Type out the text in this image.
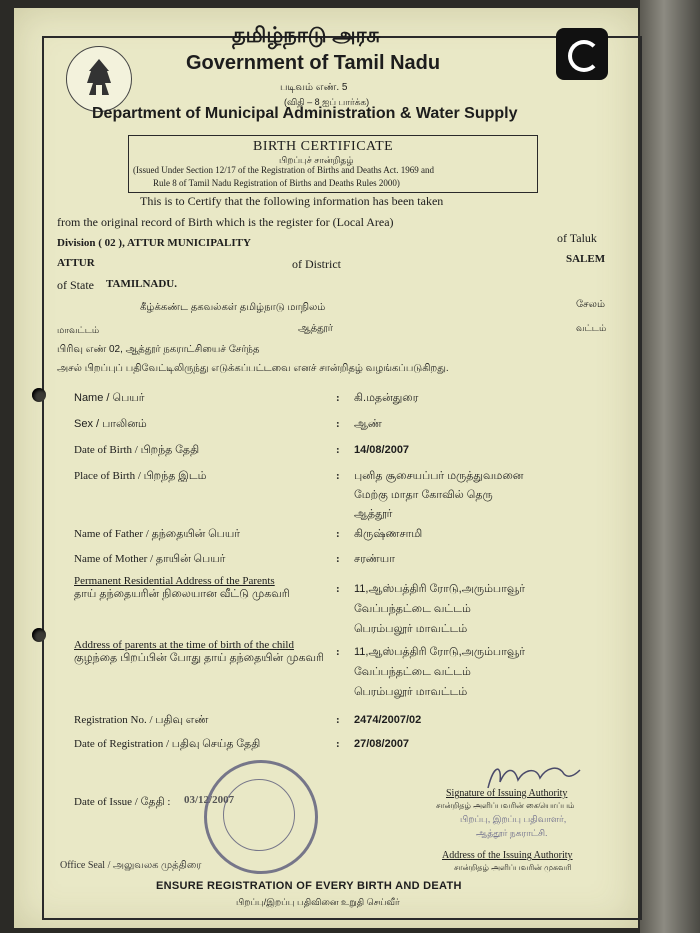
தமிழ்நாடு அரசு
Government of Tamil Nadu
படிவம் எண். 5
(விதி – 8 ஐப் பார்க்க)
Department of Municipal Administration & Water Supply
BIRTH CERTIFICATE
பிறப்புச் சான்றிதழ்
(Issued Under Section 12/17 of the Registration of Births and Deaths Act. 1969 and
Rule 8 of Tamil Nadu Registration of Births and Deaths Rules 2000)
This is to Certify that the following information has been taken
from the original record of Birth which is the register for (Local Area)
Division ( 02 ), ATTUR MUNICIPALITY	of Taluk
ATTUR	of District	SALEM
of State TAMILNADU.
கீழ்க்கண்ட தகவல்கள் தமிழ்நாடு மாநிலம்	சேலம்
மாவட்டம்	ஆத்தூர்	வட்டம்
பிரிவு எண் 02, ஆத்தூர் நகராட்சியைச் சேர்ந்த
அசல் பிறப்புப் பதிவேட்டிலிருந்து எடுக்கப்பட்டவை எனச் சான்றிதழ் வழங்கப்படுகிறது.
Name / பெயர்	: கி.மதன்துரை
Sex / பாலினம்	: ஆண்
Date of Birth / பிறந்த தேதி	: 14/08/2007
Place of Birth / பிறந்த இடம்	: புனித சூசையப்பர் மருத்துவமனை
மேற்கு மாதா கோவில் தெரு
ஆத்தூர்
Name of Father / தந்தையின் பெயர்	: கிருஷ்ணசாமி
Name of Mother / தாயின் பெயர்	: சரண்யா
Permanent Residential Address of the Parents
தாய் தந்தையரின் நிலையான வீட்டு முகவரி	: 11,ஆஸ்பத்திரி ரோடு,அரும்பாவூர்
வேப்பந்தட்டை வட்டம்
பெரம்பலூர் மாவட்டம்
Address of parents at the time of birth of the child
குழந்தை பிறப்பின் போது தாய் தந்தையின் முகவரி : 11,ஆஸ்பத்திரி ரோடு,அரும்பாவூர்
வேப்பந்தட்டை வட்டம்
பெரம்பலூர் மாவட்டம்
Registration No. / பதிவு எண்	: 2474/2007/02
Date of Registration / பதிவு செய்த தேதி	: 27/08/2007
Date of Issue / தேதி : 03/12/2007
Office Seal / அலுவலக முத்திரை
Signature of Issuing Authority
சான்றிதழ் அளிப்பவரின் கையொப்பம்
பிறப்பு, இறப்பு பதிவாளர்,
ஆத்தூர் நகராட்சி.
Address of the Issuing Authority
சான்றிதழ் அளிப்பவரின் முகவரி
ENSURE REGISTRATION OF EVERY BIRTH AND DEATH
பிறப்பு/இறப்பு பதிவினை உறுதி செய்வீர்
